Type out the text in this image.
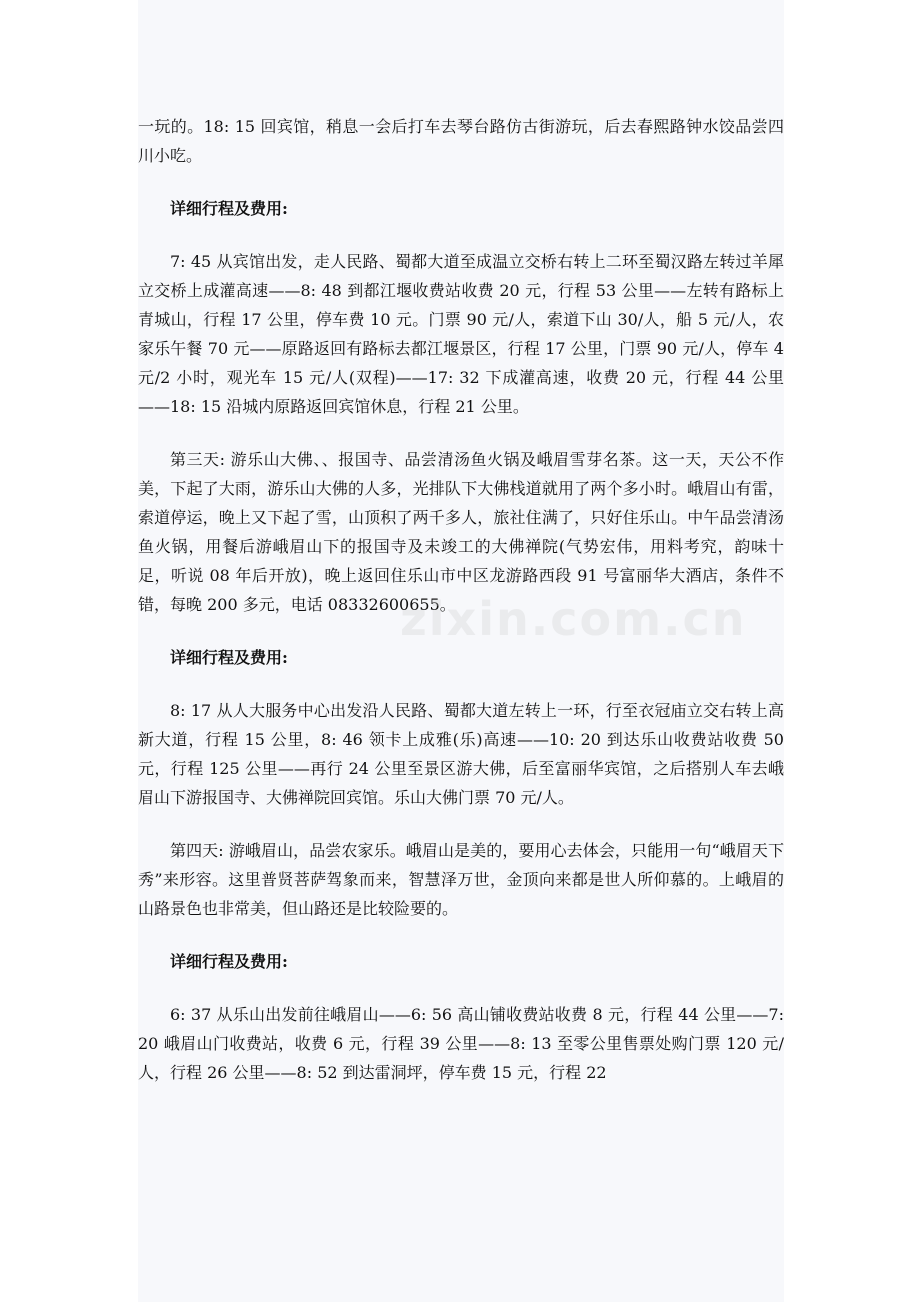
一玩的。18: 15 回宾馆，稍息一会后打车去琴台路仿古街游玩，后去春熙路钟水饺品尝四川小吃。

详细行程及费用:

7: 45 从宾馆出发，走人民路、蜀都大道至成温立交桥右转上二环至蜀汉路左转过羊犀立交桥上成灌高速——8: 48 到都江堰收费站收费 20 元，行程 53 公里——左转有路标上青城山，行程 17 公里，停车费 10 元。门票 90 元/人，索道下山 30/人，船 5 元/人，农家乐午餐 70 元——原路返回有路标去都江堰景区，行程 17 公里，门票 90 元/人，停车 4 元/2 小时，观光车 15 元/人(双程)——17: 32 下成灌高速，收费 20 元，行程 44 公里——18: 15 沿城内原路返回宾馆休息，行程 21 公里。

第三天: 游乐山大佛、、报国寺、品尝清汤鱼火锅及峨眉雪芽名茶。这一天，天公不作美，下起了大雨，游乐山大佛的人多，光排队下大佛栈道就用了两个多小时。峨眉山有雷，索道停运，晚上又下起了雪，山顶积了两千多人，旅社住满了，只好住乐山。中午品尝清汤鱼火锅，用餐后游峨眉山下的报国寺及未竣工的大佛禅院(气势宏伟，用料考究，韵味十足，听说 08 年后开放)，晚上返回住乐山市中区龙游路西段 91 号富丽华大酒店，条件不错，每晚 200 多元，电话 08332600655。

详细行程及费用:

8: 17 从人大服务中心出发沿人民路、蜀都大道左转上一环，行至衣冠庙立交右转上高新大道，行程 15 公里，8: 46 领卡上成雅(乐)高速——10: 20 到达乐山收费站收费 50 元，行程 125 公里——再行 24 公里至景区游大佛，后至富丽华宾馆，之后搭别人车去峨眉山下游报国寺、大佛禅院回宾馆。乐山大佛门票 70 元/人。

第四天: 游峨眉山，品尝农家乐。峨眉山是美的，要用心去体会，只能用一句“峨眉天下秀”来形容。这里普贤菩萨驾象而来，智慧泽万世，金顶向来都是世人所仰慕的。上峨眉的山路景色也非常美，但山路还是比较险要的。

详细行程及费用:

6: 37 从乐山出发前往峨眉山——6: 56 高山铺收费站收费 8 元，行程 44 公里——7: 20 峨眉山门收费站，收费 6 元，行程 39 公里——8: 13 至零公里售票处购门票 120 元/人，行程 26 公里——8: 52 到达雷洞坪，停车费 15 元，行程 22

zixin.com.cn
